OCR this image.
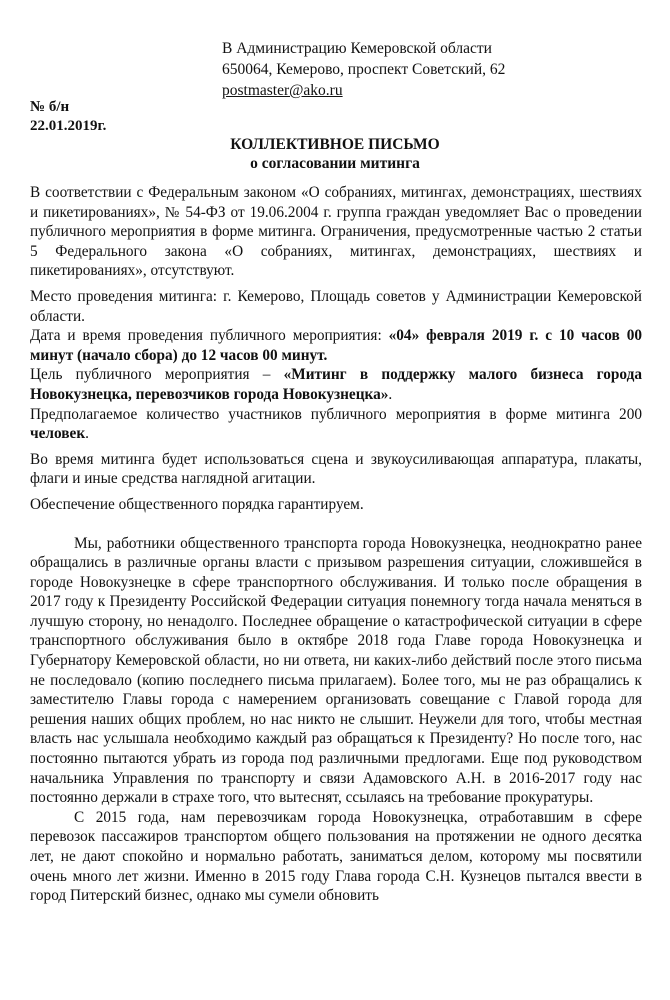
В Администрацию Кемеровской области
650064, Кемерово, проспект Советский, 62
postmaster@ako.ru
№ б/н
22.01.2019г.
КОЛЛЕКТИВНОЕ ПИСЬМО
о согласовании митинга

В соответствии с Федеральным законом «О собраниях, митингах, демонстрациях, шествиях и пикетированиях», № 54-ФЗ от 19.06.2004 г. группа граждан уведомляет Вас о проведении публичного мероприятия в форме митинга. Ограничения, предусмотренные частью 2 статьи 5 Федерального закона «О собраниях, митингах, демонстрациях, шествиях и пикетированиях», отсутствуют.

Место проведения митинга: г. Кемерово, Площадь советов у Администрации Кемеровской области.

Дата и время проведения публичного мероприятия: «04» февраля 2019 г. с 10 часов 00 минут (начало сбора) до 12 часов 00 минут.

Цель публичного мероприятия – «Митинг в поддержку малого бизнеса города Новокузнецка, перевозчиков города Новокузнецка».

Предполагаемое количество участников публичного мероприятия в форме митинга 200 человек.

Во время митинга будет использоваться сцена и звукоусиливающая аппаратура, плакаты, флаги и иные средства наглядной агитации.

Обеспечение общественного порядка гарантируем.

Мы, работники общественного транспорта города Новокузнецка, неоднократно ранее обращались в различные органы власти с призывом разрешения ситуации, сложившейся в городе Новокузнецке в сфере транспортного обслуживания. И только после обращения в 2017 году к Президенту Российской Федерации ситуация понемногу тогда начала меняться в лучшую сторону, но ненадолго. Последнее обращение о катастрофической ситуации в сфере транспортного обслуживания было в октябре 2018 года Главе города Новокузнецка и Губернатору Кемеровской области, но ни ответа, ни каких-либо действий после этого письма не последовало (копию последнего письма прилагаем). Более того, мы не раз обращались к заместителю Главы города с намерением организовать совещание с Главой города для решения наших общих проблем, но нас никто не слышит. Неужели для того, чтобы местная власть нас услышала необходимо каждый раз обращаться к Президенту? Но после того, нас постоянно пытаются убрать из города под различными предлогами. Еще под руководством начальника Управления по транспорту и связи Адамовского А.Н. в 2016-2017 году нас постоянно держали в страхе того, что вытеснят, ссылаясь на требование прокуратуры.

С 2015 года, нам перевозчикам города Новокузнецка, отработавшим в сфере перевозок пассажиров транспортом общего пользования на протяжении не одного десятка лет, не дают спокойно и нормально работать, заниматься делом, которому мы посвятили очень много лет жизни. Именно в 2015 году Глава города С.Н. Кузнецов пытался ввести в город Питерский бизнес, однако мы сумели обновить
